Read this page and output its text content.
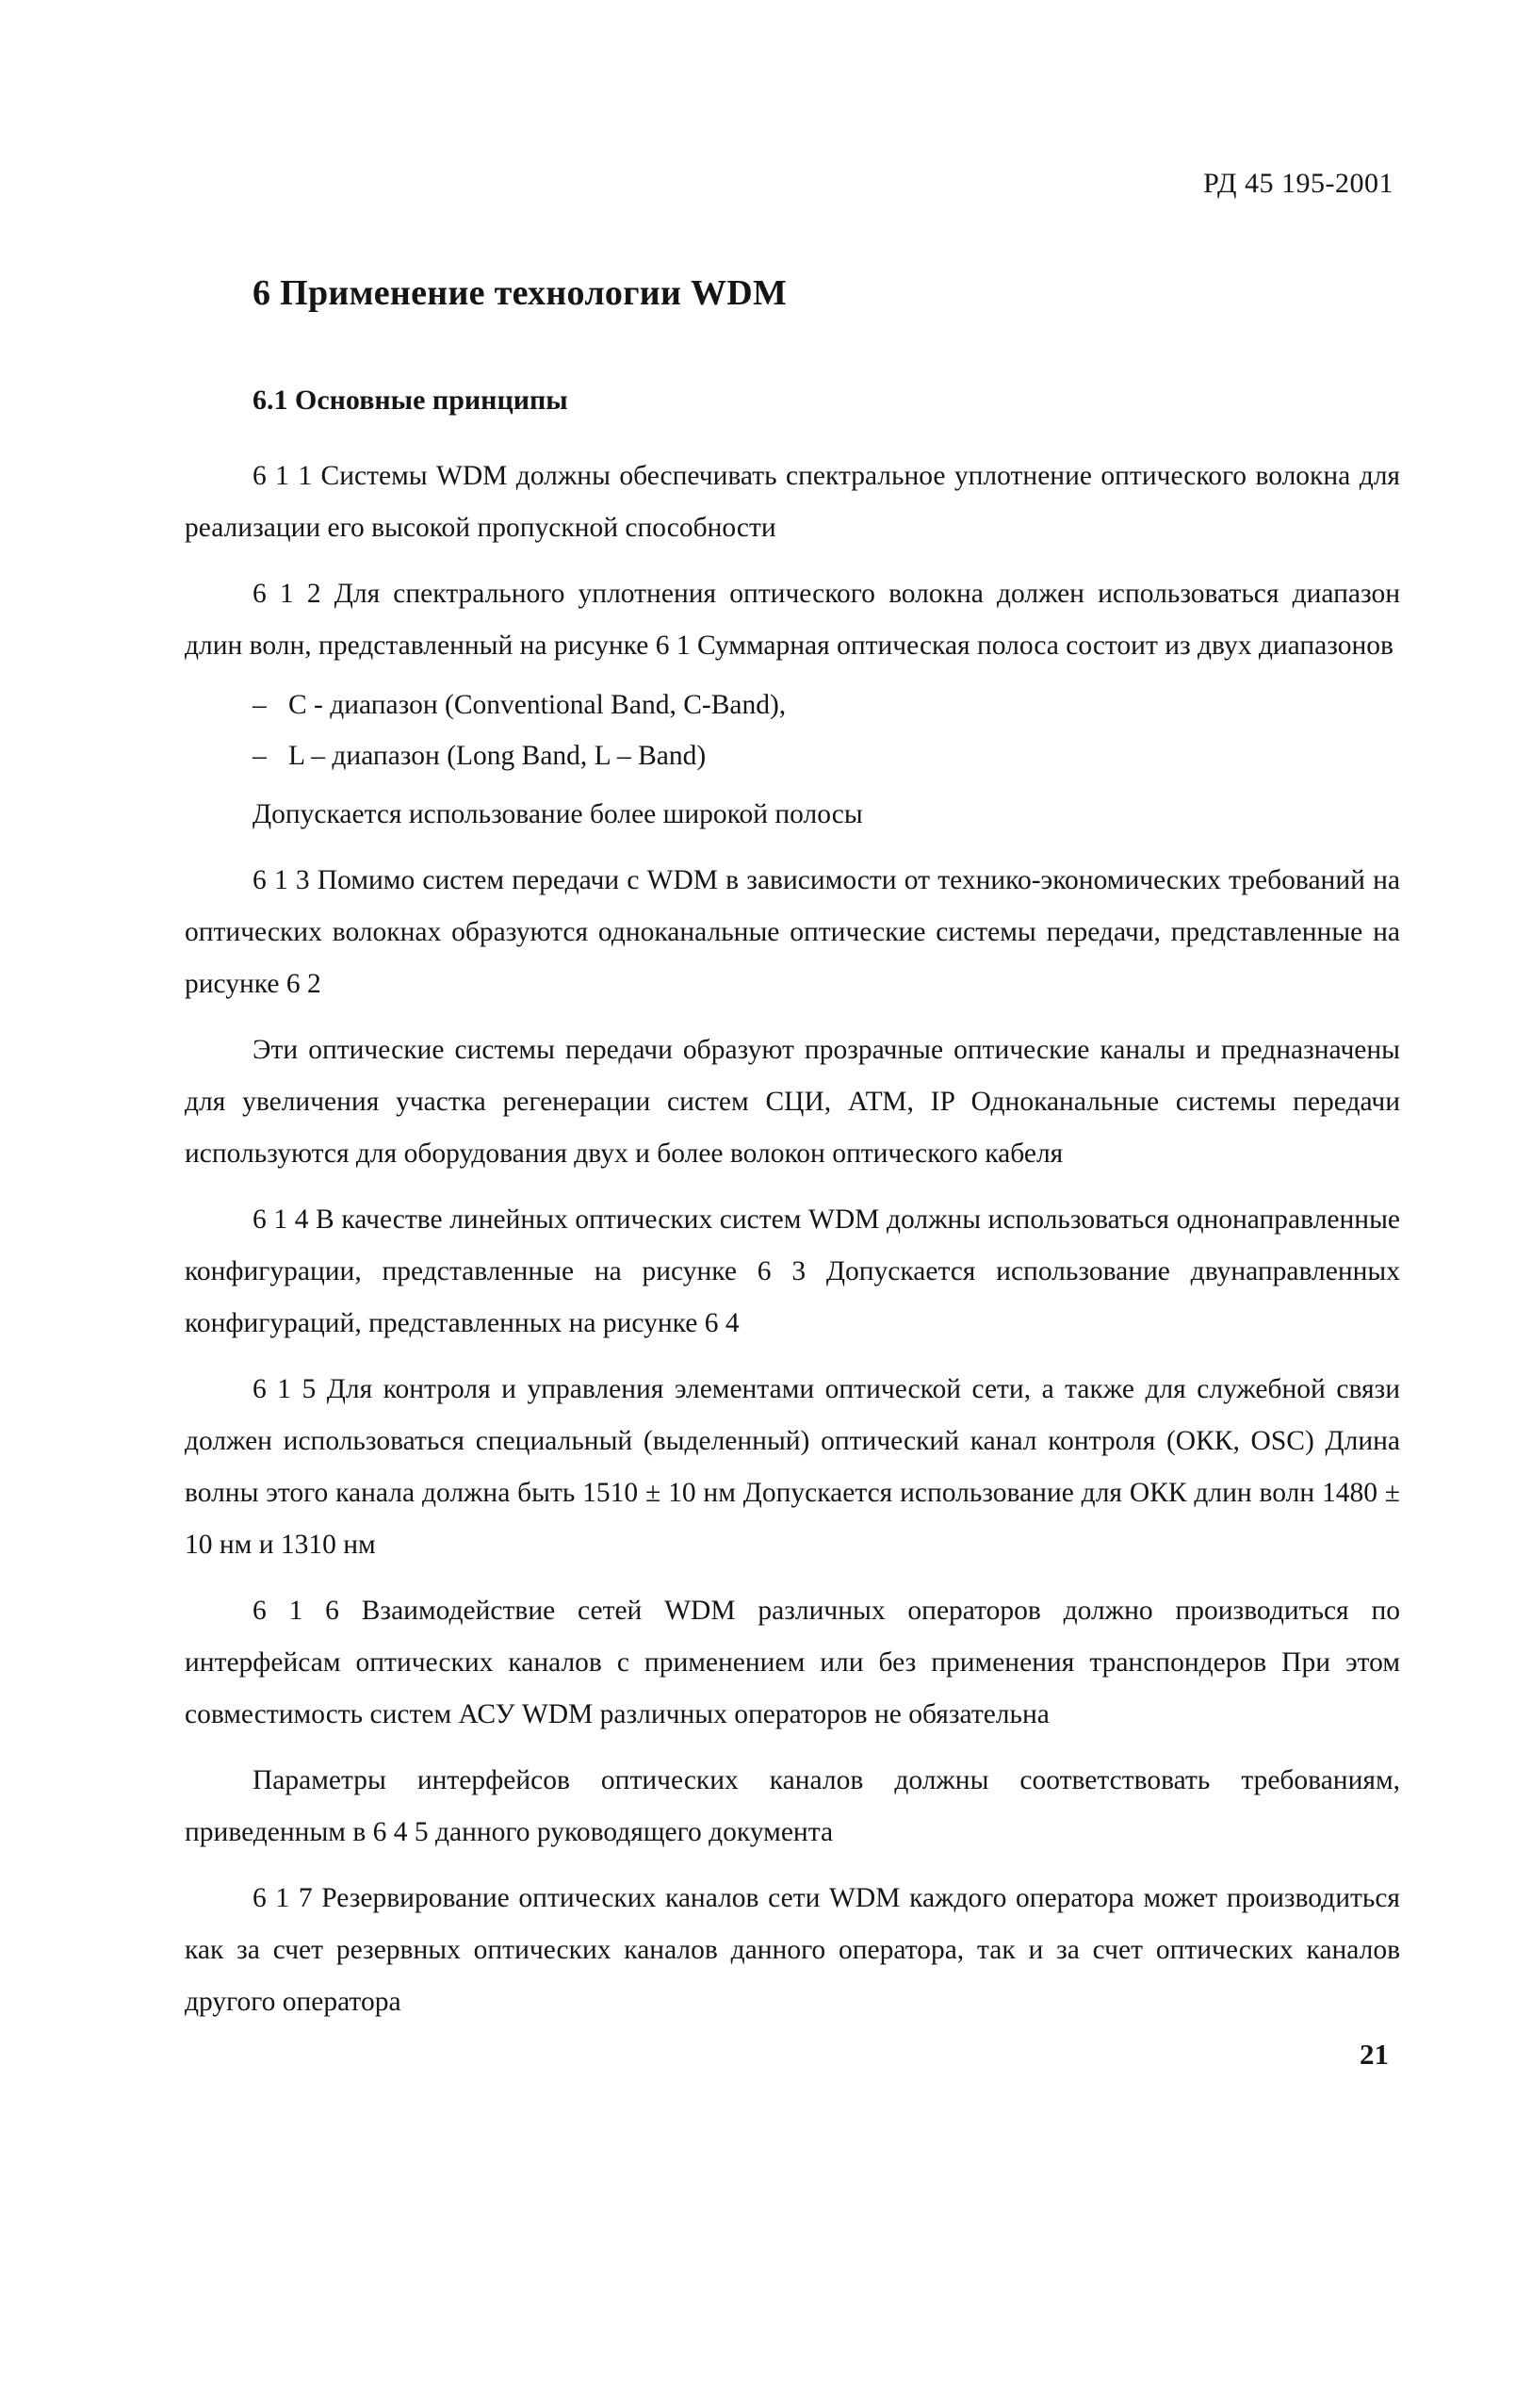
РД 45 195-2001
6 Применение технологии WDM
6.1 Основные принципы

6 1 1 Системы WDM должны обеспечивать спектральное уплотнение оптического волокна для реализации его высокой пропускной способности

6 1 2 Для спектрального уплотнения оптического волокна должен использоваться диапазон длин волн, представленный на рисунке 6 1 Суммарная оптическая полоса состоит из двух диапазонов

– С - диапазон (Conventional Band, C-Band),
– L – диапазон (Long Band, L – Band)

Допускается использование более широкой полосы

6 1 3 Помимо систем передачи с WDM в зависимости от технико-экономических требований на оптических волокнах образуются одноканальные оптические системы передачи, представленные на рисунке 6 2

Эти оптические системы передачи образуют прозрачные оптические каналы и предназначены для увеличения участка регенерации систем СЦИ, АТМ, IP Одноканальные системы передачи используются для оборудования двух и более волокон оптического кабеля

6 1 4 В качестве линейных оптических систем WDM должны использоваться однонаправленные конфигурации, представленные на рисунке 6 3 Допускается использование двунаправленных конфигураций, представленных на рисунке 6 4

6 1 5 Для контроля и управления элементами оптической сети, а также для служебной связи должен использоваться специальный (выделенный) оптический канал контроля (ОКК, OSC) Длина волны этого канала должна быть 1510 ± 10 нм Допускается использование для ОКК длин волн 1480 ± 10 нм и 1310 нм

6 1 6 Взаимодействие сетей WDM различных операторов должно производиться по интерфейсам оптических каналов с применением или без применения транспондеров При этом совместимость систем АСУ WDM различных операторов не обязательна

Параметры интерфейсов оптических каналов должны соответствовать требованиям, приведенным в 6 4 5 данного руководящего документа

6 1 7 Резервирование оптических каналов сети WDM каждого оператора может производиться как за счет резервных оптических каналов данного оператора, так и за счет оптических каналов другого оператора

21
